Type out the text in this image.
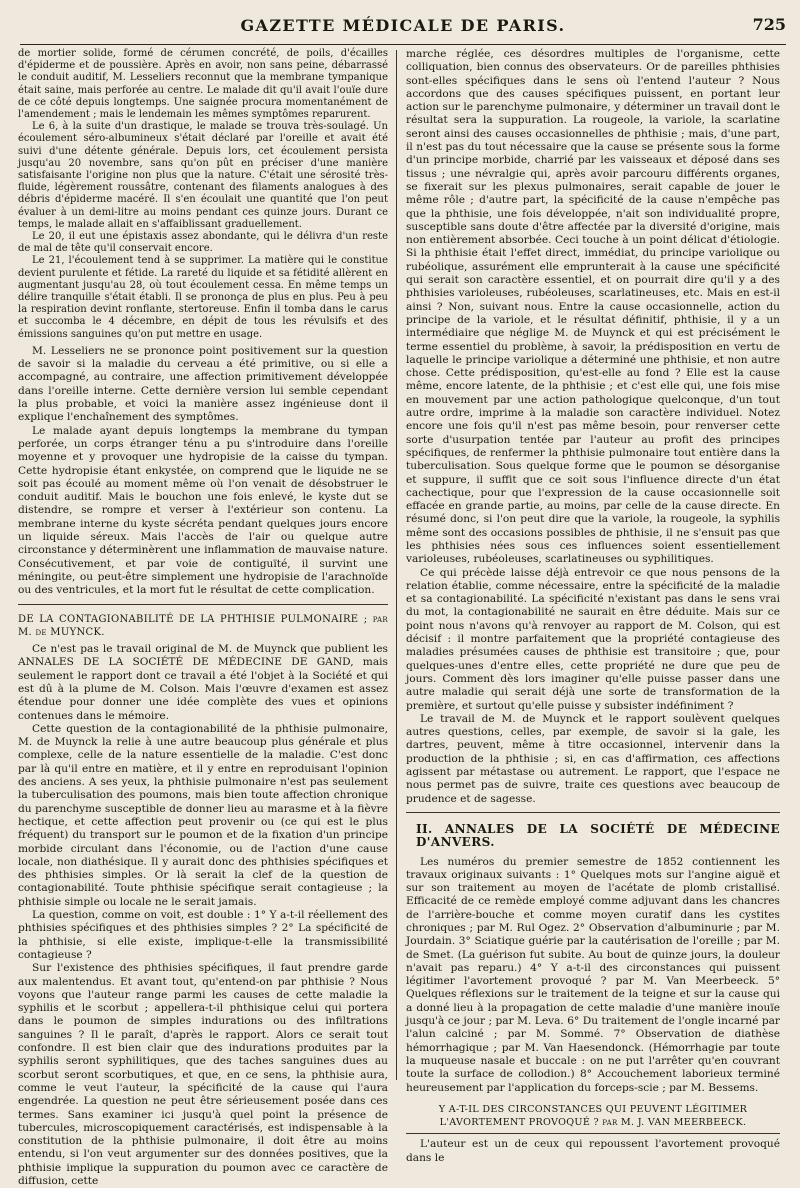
GAZETTE MÉDICALE DE PARIS.	725

de mortier solide, formé de cérumen concrété, de poils, d'écailles d'épiderme et de poussière. Après en avoir, non sans peine, débarrassé le conduit auditif, M. Lesseliers reconnut que la membrane tympanique était saine, mais perforée au centre. Le malade dit qu'il avait l'ouïe dure de ce côté depuis longtemps. Une saignée procura momentanément de l'amendement ; mais le lendemain les mêmes symptômes reparurent.

Le 6, à la suite d'un drastique, le malade se trouva très-soulagé. Un écoulement séro-albumineux s'était déclaré par l'oreille et avait été suivi d'une détente générale. Depuis lors, cet écoulement persista jusqu'au 20 novembre, sans qu'on pût en préciser d'une manière satisfaisante l'origine non plus que la nature. C'était une sérosité très-fluide, légèrement roussâtre, contenant des filaments analogues à des débris d'épiderme macéré. Il s'en écoulait une quantité que l'on peut évaluer à un demi-litre au moins pendant ces quinze jours. Durant ce temps, le malade allait en s'affaiblissant graduellement.

Le 20, il eut une épistaxis assez abondante, qui le délivra d'un reste de mal de tête qu'il conservait encore.

Le 21, l'écoulement tend à se supprimer. La matière qui le constitue devient purulente et fétide. La rareté du liquide et sa fétidité allèrent en augmentant jusqu'au 28, où tout écoulement cessa. En même temps un délire tranquille s'était établi. Il se prononça de plus en plus. Peu à peu la respiration devint ronflante, stertoreuse. Enfin il tomba dans le carus et succomba le 4 décembre, en dépit de tous les révulsifs et des émissions sanguines qu'on put mettre en usage.

M. Lesseliers ne se prononce point positivement sur la question de savoir si la maladie du cerveau a été primitive, ou si elle a accompagné, au contraire, une affection primitivement développée dans l'oreille interne. Cette dernière version lui semble cependant la plus probable, et voici la manière assez ingénieuse dont il explique l'enchaînement des symptômes.

Le malade ayant depuis longtemps la membrane du tympan perforée, un corps étranger ténu a pu s'introduire dans l'oreille moyenne et y provoquer une hydropisie de la caisse du tympan. Cette hydropisie étant enkystée, on comprend que le liquide ne se soit pas écoulé au moment même où l'on venait de désobstruer le conduit auditif. Mais le bouchon une fois enlevé, le kyste dut se distendre, se rompre et verser à l'extérieur son contenu. La membrane interne du kyste sécréta pendant quelques jours encore un liquide séreux. Mais l'accès de l'air ou quelque autre circonstance y déterminèrent une inflammation de mauvaise nature. Consécutivement, et par voie de contiguïté, il survint une méningite, ou peut-être simplement une hydropisie de l'arachnoïde ou des ventricules, et la mort fut le résultat de cette complication.

DE LA CONTAGIONABILITÉ DE LA PHTHISIE PULMONAIRE ; par M. de MUYNCK.

Ce n'est pas le travail original de M. de Muynck que publient les ANNALES DE LA SOCIÉTÉ DE MÉDECINE DE GAND, mais seulement le rapport dont ce travail a été l'objet à la Société et qui est dû à la plume de M. Colson. Mais l'œuvre d'examen est assez étendue pour donner une idée complète des vues et opinions contenues dans le mémoire.

Cette question de la contagionabilité de la phthisie pulmonaire, M. de Muynck la relie à une autre beaucoup plus générale et plus complexe, celle de la nature essentielle de la maladie. C'est donc par là qu'il entre en matière, et il y entre en reproduisant l'opinion des anciens. A ses yeux, la phthisie pulmonaire n'est pas seulement la tuberculisation des poumons, mais bien toute affection chronique du parenchyme susceptible de donner lieu au marasme et à la fièvre hectique, et cette affection peut provenir ou (ce qui est le plus fréquent) du transport sur le poumon et de la fixation d'un principe morbide circulant dans l'économie, ou de l'action d'une cause locale, non diathésique. Il y aurait donc des phthisies spécifiques et des phthisies simples. Or là serait la clef de la question de contagionabilité. Toute phthisie spécifique serait contagieuse ; la phthisie simple ou locale ne le serait jamais.

La question, comme on voit, est double : 1° Y a-t-il réellement des phthisies spécifiques et des phthisies simples ? 2° La spécificité de la phthisie, si elle existe, implique-t-elle la transmissibilité contagieuse ?

Sur l'existence des phthisies spécifiques, il faut prendre garde aux malentendus. Et avant tout, qu'entend-on par phthisie ? Nous voyons que l'auteur range parmi les causes de cette maladie la syphilis et le scorbut ; appellera-t-il phthisique celui qui portera dans le poumon de simples indurations ou des infiltrations sanguines ? Il le paraît, d'après le rapport. Alors ce serait tout confondre. Il est bien clair que des indurations produites par la syphilis seront syphilitiques, que des taches sanguines dues au scorbut seront scorbutiques, et que, en ce sens, la phthisie aura, comme le veut l'auteur, la spécificité de la cause qui l'aura engendrée. La question ne peut être sérieusement posée dans ces termes. Sans examiner ici jusqu'à quel point la présence de tubercules, microscopiquement caractérisés, est indispensable à la constitution de la phthisie pulmonaire, il doit être au moins entendu, si l'on veut argumenter sur des données positives, que la phthisie implique la suppuration du poumon avec ce caractère de diffusion, cette

marche réglée, ces désordres multiples de l'organisme, cette colliquation, bien connus des observateurs. Or de pareilles phthisies sont-elles spécifiques dans le sens où l'entend l'auteur ? Nous accordons que des causes spécifiques puissent, en portant leur action sur le parenchyme pulmonaire, y déterminer un travail dont le résultat sera la suppuration. La rougeole, la variole, la scarlatine seront ainsi des causes occasionnelles de phthisie ; mais, d'une part, il n'est pas du tout nécessaire que la cause se présente sous la forme d'un principe morbide, charrié par les vaisseaux et déposé dans ses tissus ; une névralgie qui, après avoir parcouru différents organes, se fixerait sur les plexus pulmonaires, serait capable de jouer le même rôle ; d'autre part, la spécificité de la cause n'empêche pas que la phthisie, une fois développée, n'ait son individualité propre, susceptible sans doute d'être affectée par la diversité d'origine, mais non entièrement absorbée. Ceci touche à un point délicat d'étiologie. Si la phthisie était l'effet direct, immédiat, du principe variolique ou rubéolique, assurément elle emprunterait à la cause une spécificité qui serait son caractère essentiel, et on pourrait dire qu'il y a des phthisies varioleuses, rubéoleuses, scarlatineuses, etc. Mais en est-il ainsi ? Non, suivant nous. Entre la cause occasionnelle, action du principe de la variole, et le résultat définitif, phthisie, il y a un intermédiaire que néglige M. de Muynck et qui est précisément le terme essentiel du problème, à savoir, la prédisposition en vertu de laquelle le principe variolique a déterminé une phthisie, et non autre chose. Cette prédisposition, qu'est-elle au fond ? Elle est la cause même, encore latente, de la phthisie ; et c'est elle qui, une fois mise en mouvement par une action pathologique quelconque, d'un tout autre ordre, imprime à la maladie son caractère individuel. Notez encore une fois qu'il n'est pas même besoin, pour renverser cette sorte d'usurpation tentée par l'auteur au profit des principes spécifiques, de renfermer la phthisie pulmonaire tout entière dans la tuberculisation. Sous quelque forme que le poumon se désorganise et suppure, il suffit que ce soit sous l'influence directe d'un état cachectique, pour que l'expression de la cause occasionnelle soit effacée en grande partie, au moins, par celle de la cause directe. En résumé donc, si l'on peut dire que la variole, la rougeole, la syphilis même sont des occasions possibles de phthisie, il ne s'ensuit pas que les phthisies nées sous ces influences soient essentiellement varioleuses, rubéoleuses, scarlatineuses ou syphilitiques.

Ce qui précède laisse déjà entrevoir ce que nous pensons de la relation établie, comme nécessaire, entre la spécificité de la maladie et sa contagionabilité. La spécificité n'existant pas dans le sens vrai du mot, la contagionabilité ne saurait en être déduite. Mais sur ce point nous n'avons qu'à renvoyer au rapport de M. Colson, qui est décisif : il montre parfaitement que la propriété contagieuse des maladies présumées causes de phthisie est transitoire ; que, pour quelques-unes d'entre elles, cette propriété ne dure que peu de jours. Comment dès lors imaginer qu'elle puisse passer dans une autre maladie qui serait déjà une sorte de transformation de la première, et surtout qu'elle puisse y subsister indéfiniment ?

Le travail de M. de Muynck et le rapport soulèvent quelques autres questions, celles, par exemple, de savoir si la gale, les dartres, peuvent, même à titre occasionnel, intervenir dans la production de la phthisie ; si, en cas d'affirmation, ces affections agissent par métastase ou autrement. Le rapport, que l'espace ne nous permet pas de suivre, traite ces questions avec beaucoup de prudence et de sagesse.

II. ANNALES DE LA SOCIÉTÉ DE MÉDECINE D'ANVERS.

Les numéros du premier semestre de 1852 contiennent les travaux originaux suivants : 1° Quelques mots sur l'angine aiguë et sur son traitement au moyen de l'acétate de plomb cristallisé. Efficacité de ce remède employé comme adjuvant dans les chancres de l'arrière-bouche et comme moyen curatif dans les cystites chroniques ; par M. Rul Ogez. 2° Observation d'albuminurie ; par M. Jourdain. 3° Sciatique guérie par la cautérisation de l'oreille ; par M. de Smet. (La guérison fut subite. Au bout de quinze jours, la douleur n'avait pas reparu.) 4° Y a-t-il des circonstances qui puissent légitimer l'avortement provoqué ? par M. Van Meerbeeck. 5° Quelques réflexions sur le traitement de la teigne et sur la cause qui a donné lieu à la propagation de cette maladie d'une manière inouïe jusqu'à ce jour ; par M. Leva. 6° Du traitement de l'ongle incarné par l'alun calciné ; par M. Sommé. 7° Observation de diathèse hémorrhagique ; par M. Van Haesendonck. (Hémorrhagie par toute la muqueuse nasale et buccale : on ne put l'arrêter qu'en couvrant toute la surface de collodion.) 8° Accouchement laborieux terminé heureusement par l'application du forceps-scie ; par M. Bessems.

Y A-T-IL DES CIRCONSTANCES QUI PEUVENT LÉGITIMER L'AVORTEMENT PROVOQUÉ ? par M. J. VAN MEERBEECK.

L'auteur est un de ceux qui repoussent l'avortement provoqué dans le
